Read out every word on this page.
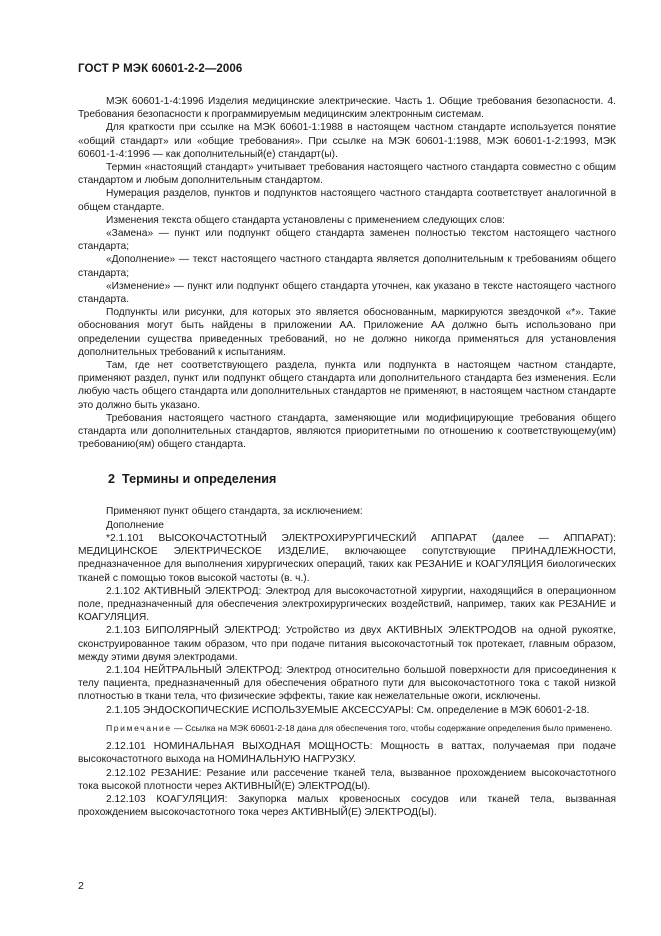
ГОСТ Р МЭК 60601-2-2—2006

МЭК 60601-1-4:1996 Изделия медицинские электрические. Часть 1. Общие требования безопасности. 4. Требования безопасности к программируемым медицинским электронным системам.

Для краткости при ссылке на МЭК 60601-1:1988 в настоящем частном стандарте используется понятие «общий стандарт» или «общие требования». При ссылке на МЭК 60601-1:1988, МЭК 60601-1-2:1993, МЭК 60601-1-4:1996 — как дополнительный(е) стандарт(ы).

Термин «настоящий стандарт» учитывает требования настоящего частного стандарта совместно с общим стандартом и любым дополнительным стандартом.

Нумерация разделов, пунктов и подпунктов настоящего частного стандарта соответствует аналогичной в общем стандарте.

Изменения текста общего стандарта установлены с применением следующих слов:

«Замена» — пункт или подпункт общего стандарта заменен полностью текстом настоящего частного стандарта;

«Дополнение» — текст настоящего частного стандарта является дополнительным к требованиям общего стандарта;

«Изменение» — пункт или подпункт общего стандарта уточнен, как указано в тексте настоящего частного стандарта.

Подпункты или рисунки, для которых это является обоснованным, маркируются звездочкой «*». Такие обоснования могут быть найдены в приложении АА. Приложение АА должно быть использовано при определении существа приведенных требований, но не должно никогда применяться для установления дополнительных требований к испытаниям.

Там, где нет соответствующего раздела, пункта или подпункта в настоящем частном стандарте, применяют раздел, пункт или подпункт общего стандарта или дополнительного стандарта без изменения. Если любую часть общего стандарта или дополнительных стандартов не применяют, в настоящем частном стандарте это должно быть указано.

Требования настоящего частного стандарта, заменяющие или модифицирующие требования общего стандарта или дополнительных стандартов, являются приоритетными по отношению к соответствующему(им) требованию(ям) общего стандарта.

2 Термины и определения

Применяют пункт общего стандарта, за исключением:

Дополнение

*2.1.101 ВЫСОКОЧАСТОТНЫЙ ЭЛЕКТРОХИРУРГИЧЕСКИЙ АППАРАТ (далее — АППАРАТ): МЕДИЦИНСКОЕ ЭЛЕКТРИЧЕСКОЕ ИЗДЕЛИЕ, включающее сопутствующие ПРИНАДЛЕЖНОСТИ, предназначенное для выполнения хирургических операций, таких как РЕЗАНИЕ и КОАГУЛЯЦИЯ биологических тканей с помощью токов высокой частоты (в. ч.).

2.1.102 АКТИВНЫЙ ЭЛЕКТРОД: Электрод для высокочастотной хирургии, находящийся в операционном поле, предназначенный для обеспечения электрохирургических воздействий, например, таких как РЕЗАНИЕ и КОАГУЛЯЦИЯ.

2.1.103 БИПОЛЯРНЫЙ ЭЛЕКТРОД: Устройство из двух АКТИВНЫХ ЭЛЕКТРОДОВ на одной рукоятке, сконструированное таким образом, что при подаче питания высокочастотный ток протекает, главным образом, между этими двумя электродами.

2.1.104 НЕЙТРАЛЬНЫЙ ЭЛЕКТРОД: Электрод относительно большой поверхности для присоединения к телу пациента, предназначенный для обеспечения обратного пути для высокочастотного тока с такой низкой плотностью в ткани тела, что физические эффекты, такие как нежелательные ожоги, исключены.

2.1.105 ЭНДОСКОПИЧЕСКИЕ ИСПОЛЬЗУЕМЫЕ АКСЕССУАРЫ: См. определение в МЭК 60601-2-18.

Примечание — Ссылка на МЭК 60601-2-18 дана для обеспечения того, чтобы содержание определения было применено.

2.12.101 НОМИНАЛЬНАЯ ВЫХОДНАЯ МОЩНОСТЬ: Мощность в ваттах, получаемая при подаче высокочастотного выхода на НОМИНАЛЬНУЮ НАГРУЗКУ.

2.12.102 РЕЗАНИЕ: Резание или рассечение тканей тела, вызванное прохождением высокочастотного тока высокой плотности через АКТИВНЫЙ(Е) ЭЛЕКТРОД(Ы).

2.12.103 КОАГУЛЯЦИЯ: Закупорка малых кровеносных сосудов или тканей тела, вызванная прохождением высокочастотного тока через АКТИВНЫЙ(Е) ЭЛЕКТРОД(Ы).

2
